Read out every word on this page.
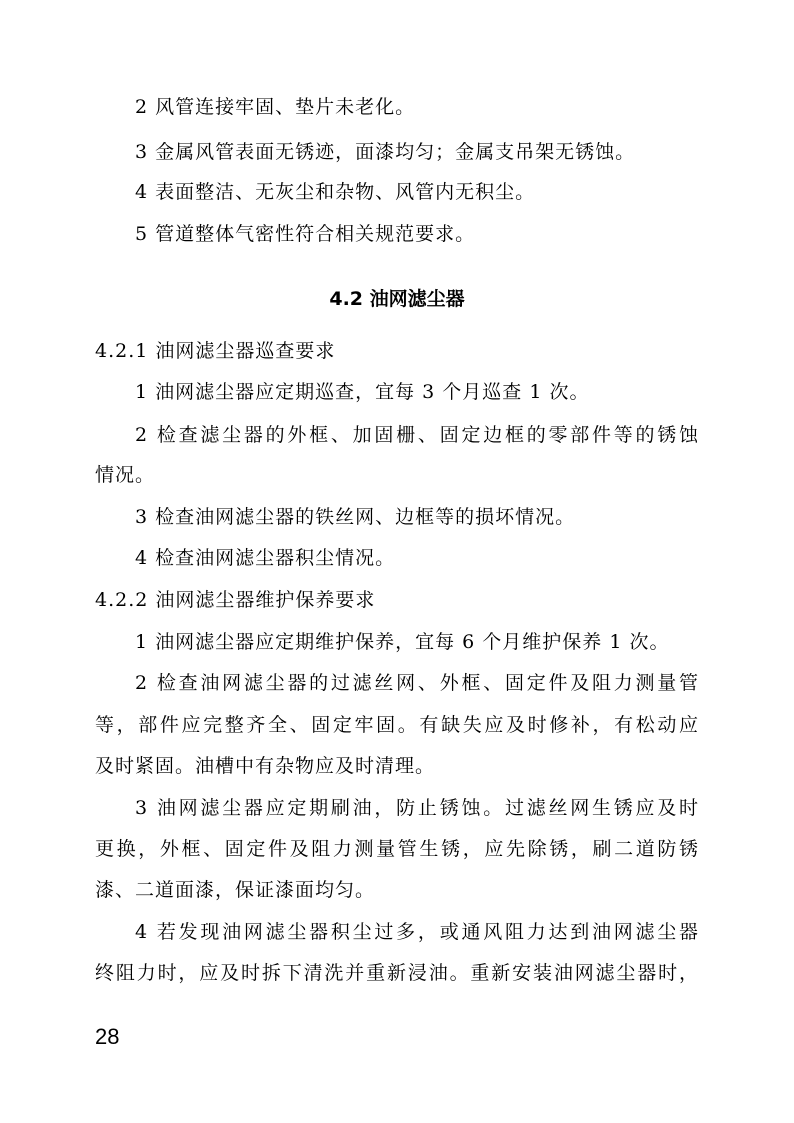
2 风管连接牢固、垫片未老化。
3 金属风管表面无锈迹，面漆均匀；金属支吊架无锈蚀。
4 表面整洁、无灰尘和杂物、风管内无积尘。
5 管道整体气密性符合相关规范要求。
4.2 油网滤尘器
4.2.1 油网滤尘器巡查要求
1 油网滤尘器应定期巡查，宜每 3 个月巡查 1 次。
2 检查滤尘器的外框、加固栅、固定边框的零部件等的锈蚀
情况。
3 检查油网滤尘器的铁丝网、边框等的损坏情况。
4 检查油网滤尘器积尘情况。
4.2.2 油网滤尘器维护保养要求
1 油网滤尘器应定期维护保养，宜每 6 个月维护保养 1 次。
2 检查油网滤尘器的过滤丝网、外框、固定件及阻力测量管
等，部件应完整齐全、固定牢固。有缺失应及时修补，有松动应
及时紧固。油槽中有杂物应及时清理。
3 油网滤尘器应定期刷油，防止锈蚀。过滤丝网生锈应及时
更换，外框、固定件及阻力测量管生锈，应先除锈，刷二道防锈
漆、二道面漆，保证漆面均匀。
4 若发现油网滤尘器积尘过多，或通风阻力达到油网滤尘器
终阻力时，应及时拆下清洗并重新浸油。重新安装油网滤尘器时，
28
